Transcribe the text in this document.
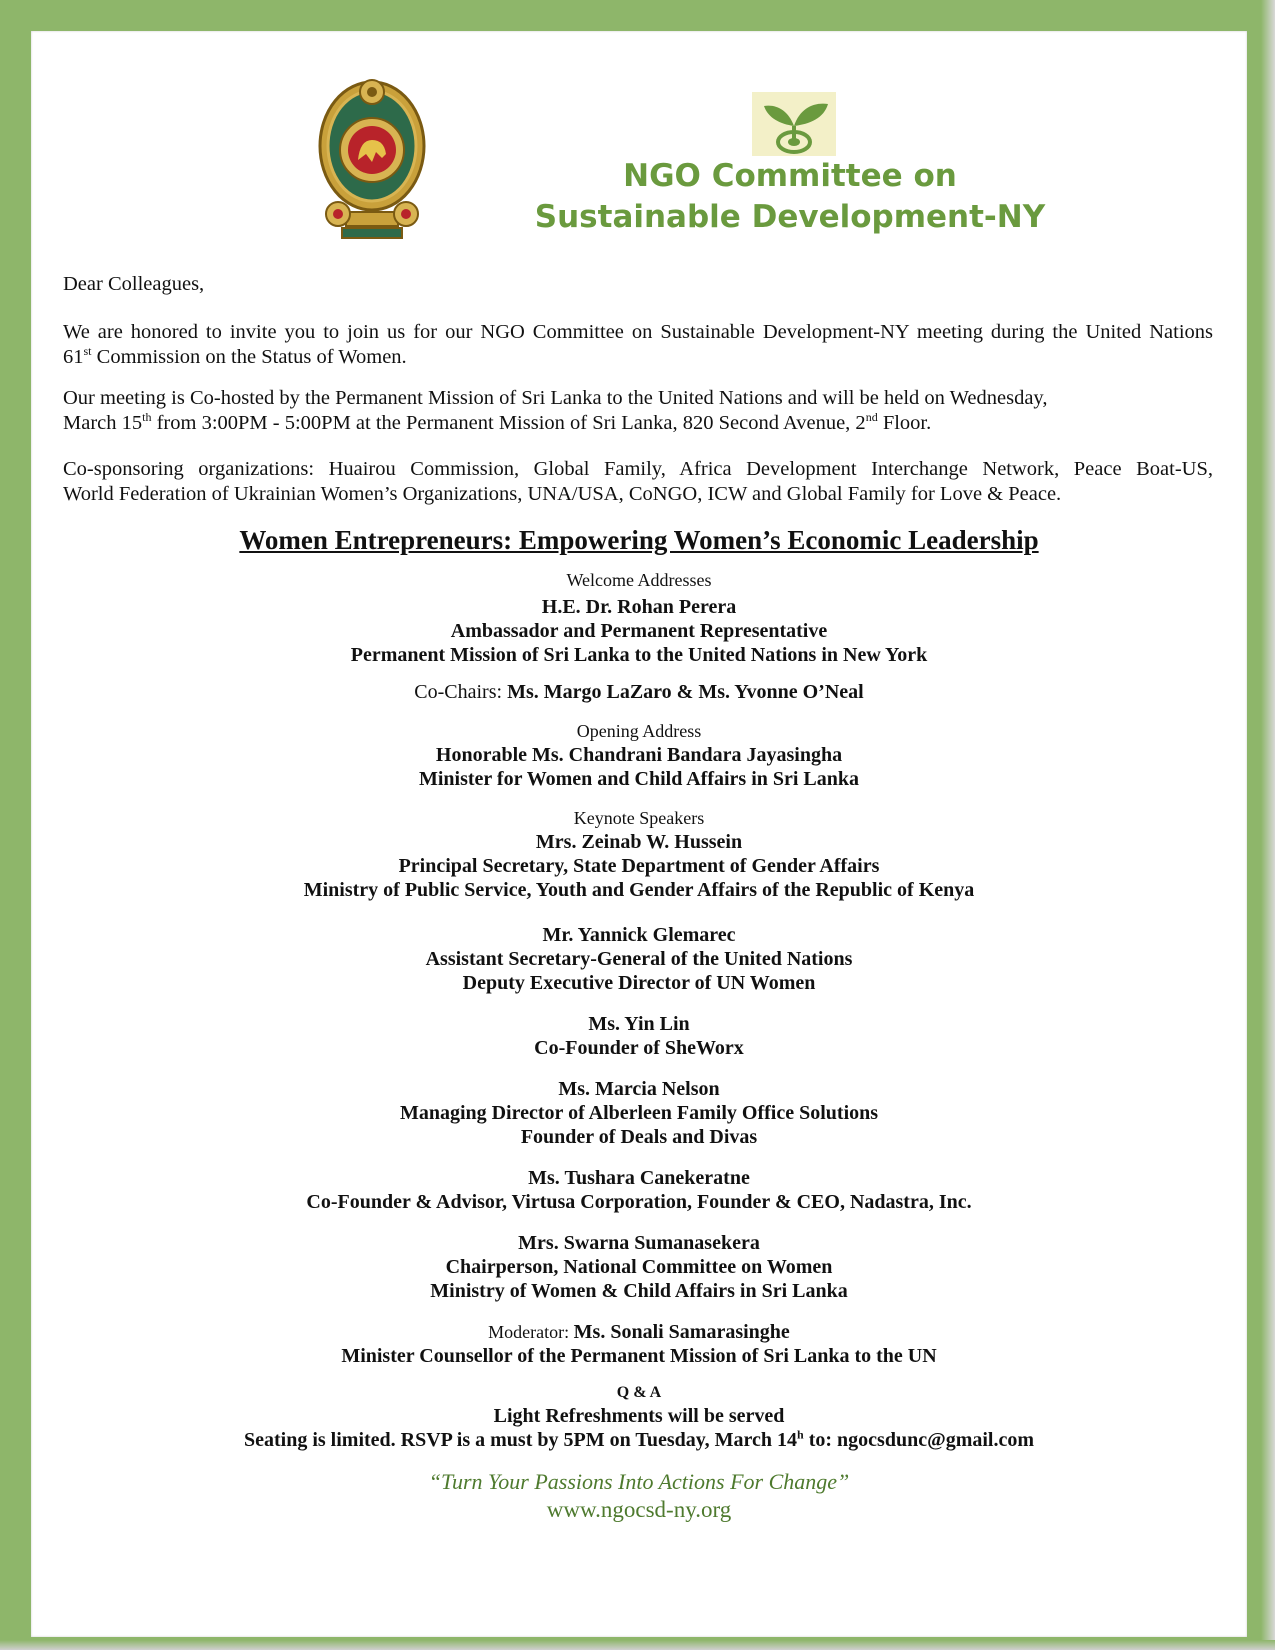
NGO Committee on
Sustainable Development-NY
Dear Colleagues,
We are honored to invite you to join us for our NGO Committee on Sustainable Development-NY meeting during the United Nations
61st Commission on the Status of Women.
Our meeting is Co-hosted by the Permanent Mission of Sri Lanka to the United Nations and will be held on Wednesday,
March 15th from 3:00PM - 5:00PM at the Permanent Mission of Sri Lanka, 820 Second Avenue, 2nd Floor.
Co-sponsoring organizations: Huairou Commission, Global Family, Africa Development Interchange Network, Peace Boat-US,
World Federation of Ukrainian Women’s Organizations, UNA/USA, CoNGO, ICW and Global Family for Love & Peace.
Women Entrepreneurs: Empowering Women’s Economic Leadership
Welcome Addresses
H.E. Dr. Rohan Perera
Ambassador and Permanent Representative
Permanent Mission of Sri Lanka to the United Nations in New York
Co-Chairs: Ms. Margo LaZaro & Ms. Yvonne O’Neal
Opening Address
Honorable Ms. Chandrani Bandara Jayasingha
Minister for Women and Child Affairs in Sri Lanka
Keynote Speakers
Mrs. Zeinab W. Hussein
Principal Secretary, State Department of Gender Affairs
Ministry of Public Service, Youth and Gender Affairs of the Republic of Kenya
Mr. Yannick Glemarec
Assistant Secretary-General of the United Nations
Deputy Executive Director of UN Women
Ms. Yin Lin
Co-Founder of SheWorx
Ms. Marcia Nelson
Managing Director of Alberleen Family Office Solutions
Founder of Deals and Divas
Ms. Tushara Canekeratne
Co-Founder & Advisor, Virtusa Corporation, Founder & CEO, Nadastra, Inc.
Mrs. Swarna Sumanasekera
Chairperson, National Committee on Women
Ministry of Women & Child Affairs in Sri Lanka
Moderator: Ms. Sonali Samarasinghe
Minister Counsellor of the Permanent Mission of Sri Lanka to the UN
Q & A
Light Refreshments will be served
Seating is limited. RSVP is a must by 5PM on Tuesday, March 14$^h$ to: ngocsdunc@gmail.com
“Turn Your Passions Into Actions For Change”
www.ngocsd-ny.org
